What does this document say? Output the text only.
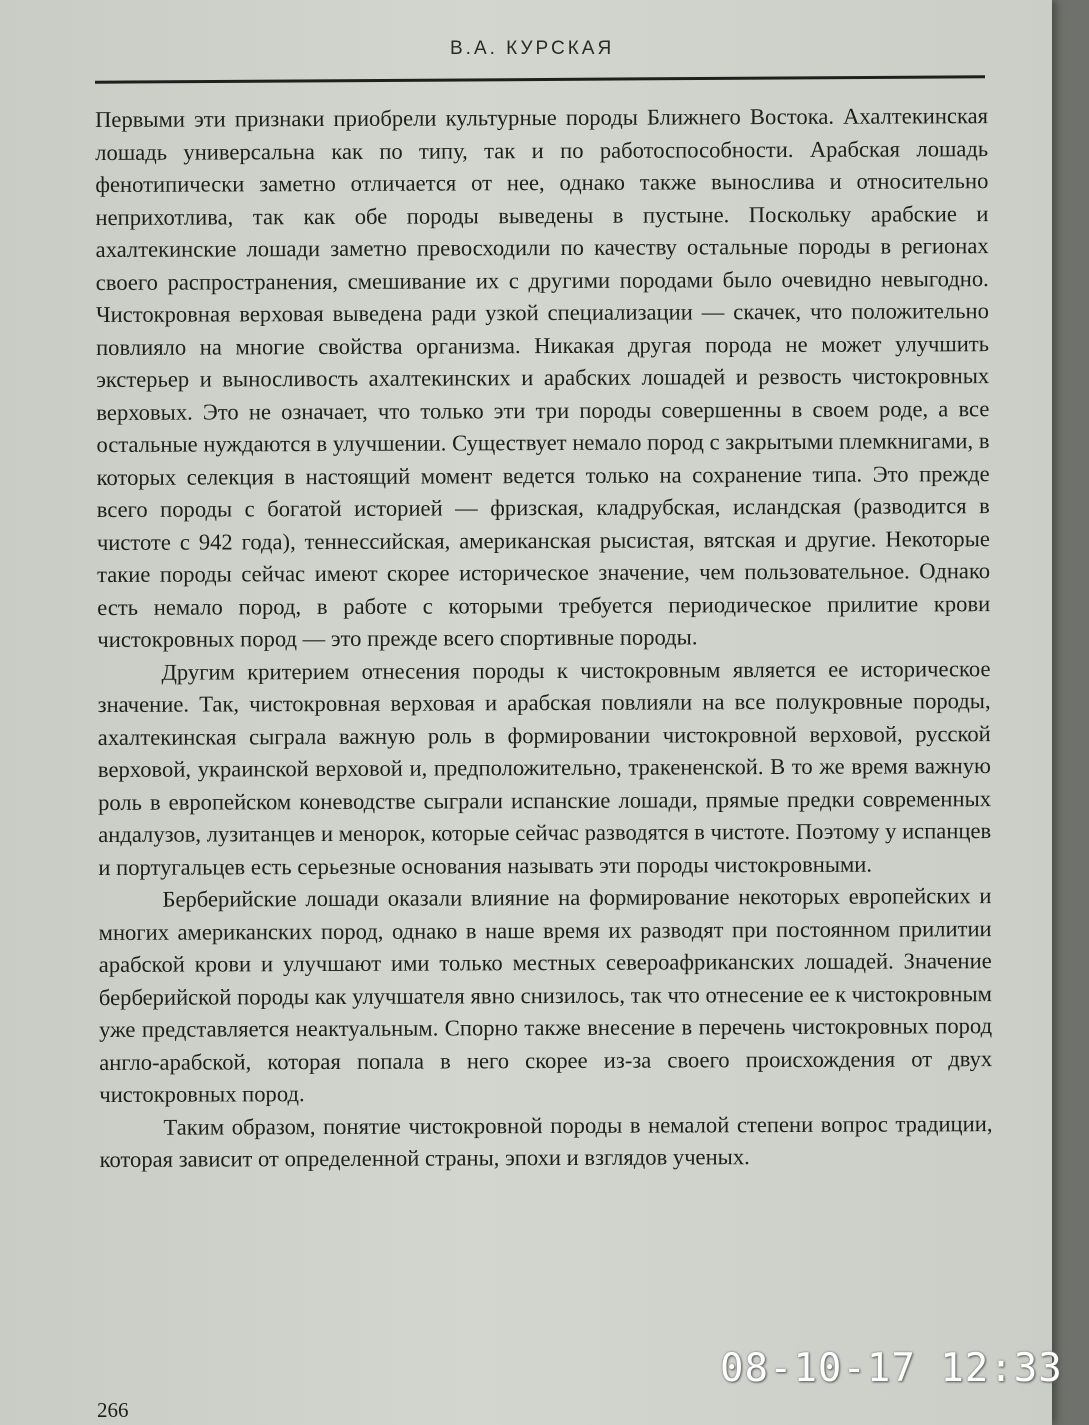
В.А. КУРСКАЯ

Первыми эти признаки приобрели культурные породы Ближнего Востока. Ахалтекинская лошадь универсальна как по типу, так и по работоспособности. Арабская лошадь фенотипически заметно отличается от нее, однако также вынослива и относительно неприхотлива, так как обе породы выведены в пустыне. Поскольку арабские и ахалтекинские лошади заметно превосходили по качеству остальные породы в регионах своего распространения, смешивание их с другими породами было очевидно невыгодно. Чистокровная верховая выведена ради узкой специализации — скачек, что положительно повлияло на многие свойства организма. Никакая другая порода не может улучшить экстерьер и выносливость ахалтекинских и арабских лошадей и резвость чистокровных верховых. Это не означает, что только эти три породы совершенны в своем роде, а все остальные нуждаются в улучшении. Существует немало пород с закрытыми племкнигами, в которых селекция в настоящий момент ведется только на сохранение типа. Это прежде всего породы с богатой историей — фризская, кладрубская, исландская (разводится в чистоте с 942 года), теннессийская, американская рысистая, вятская и другие. Некоторые такие породы сейчас имеют скорее историческое значение, чем пользовательное. Однако есть немало пород, в работе с которыми требуется периодическое прилитие крови чистокровных пород — это прежде всего спортивные породы.

Другим критерием отнесения породы к чистокровным является ее историческое значение. Так, чистокровная верховая и арабская повлияли на все полукровные породы, ахалтекинская сыграла важную роль в формировании чистокровной верховой, русской верховой, украинской верховой и, предположительно, тракененской. В то же время важную роль в европейском коневодстве сыграли испанские лошади, прямые предки современных андалузов, лузитанцев и менорок, которые сейчас разводятся в чистоте. Поэтому у испанцев и португальцев есть серьезные основания называть эти породы чистокровными.

Берберийские лошади оказали влияние на формирование некоторых европейских и многих американских пород, однако в наше время их разводят при постоянном прилитии арабской крови и улучшают ими только местных североафриканских лошадей. Значение берберийской породы как улучшателя явно снизилось, так что отнесение ее к чистокровным уже представляется неактуальным. Спорно также внесение в перечень чистокровных пород англо-арабской, которая попала в него скорее из-за своего происхождения от двух чистокровных пород.

Таким образом, понятие чистокровной породы в немалой степени вопрос традиции, которая зависит от определенной страны, эпохи и взглядов ученых.

266
08-10-17 12:33
